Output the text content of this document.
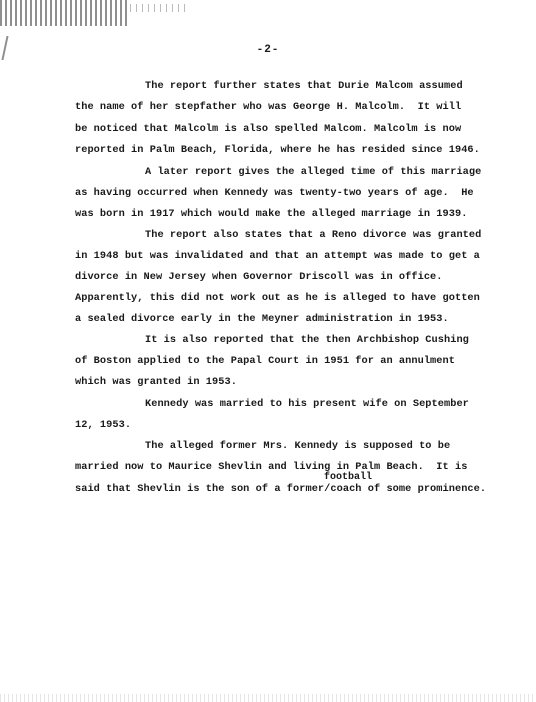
-2-
The report further states that Durie Malcom assumed
the name of her stepfather who was George H. Malcolm.  It will
be noticed that Malcolm is also spelled Malcom. Malcolm is now
reported in Palm Beach, Florida, where he has resided since 1946.
A later report gives the alleged time of this marriage
as having occurred when Kennedy was twenty-two years of age.  He
was born in 1917 which would make the alleged marriage in 1939.
The report also states that a Reno divorce was granted
in 1948 but was invalidated and that an attempt was made to get a
divorce in New Jersey when Governor Driscoll was in office.
Apparently, this did not work out as he is alleged to have gotten
a sealed divorce early in the Meyner administration in 1953.
It is also reported that the then Archbishop Cushing
of Boston applied to the Papal Court in 1951 for an annulment
which was granted in 1953.
Kennedy was married to his present wife on September
12, 1953.
The alleged former Mrs. Kennedy is supposed to be
married now to Maurice Shevlin and living in Palm Beach.  It is
football
said that Shevlin is the son of a former/coach of some prominence.
